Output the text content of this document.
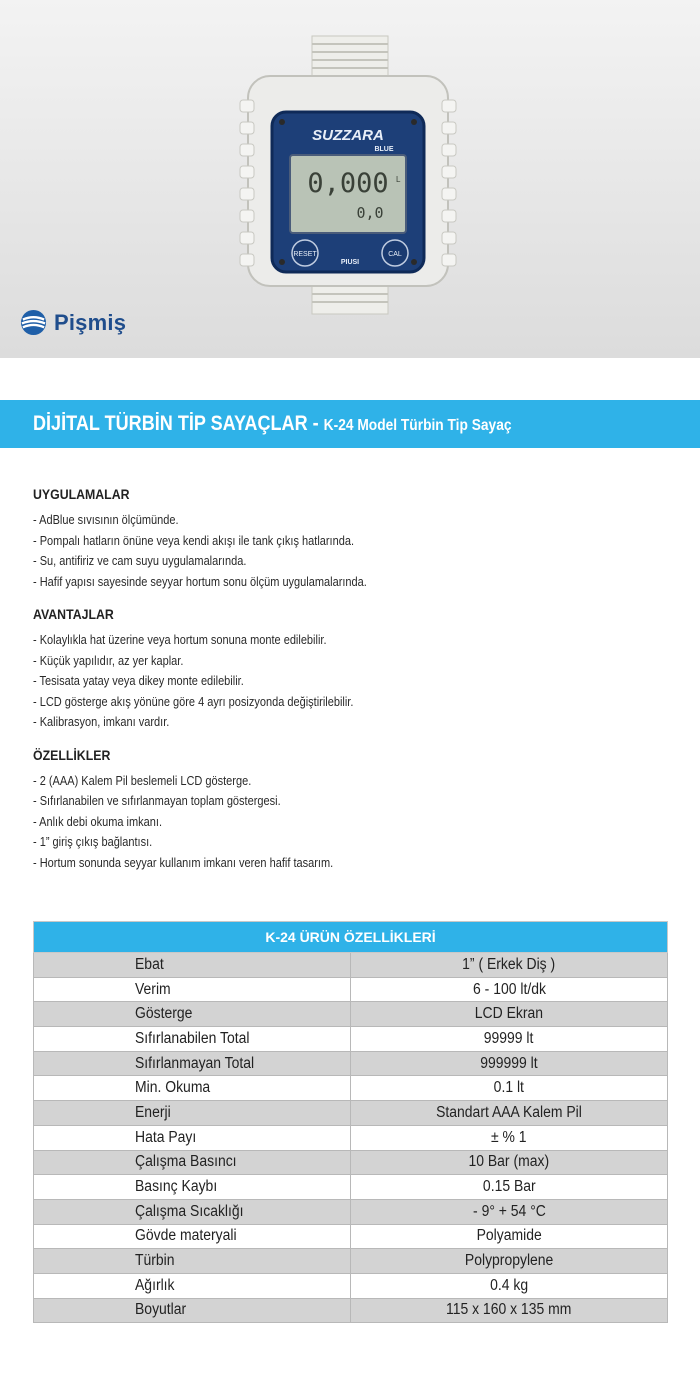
SUZZARA
BLUE
0,000 L
0,0
RESET	CAL
PIUSI
Pişmiş
DİJİTAL TÜRBİN TİP SAYAÇLAR - K-24 Model Türbin Tip Sayaç
UYGULAMALAR
- AdBlue sıvısının ölçümünde.
- Pompalı hatların önüne veya kendi akışı ile tank çıkış hatlarında.
- Su, antifiriz ve cam suyu uygulamalarında.
- Hafif yapısı sayesinde seyyar hortum sonu ölçüm uygulamalarında.
AVANTAJLAR
- Kolaylıkla hat üzerine veya hortum sonuna monte edilebilir.
- Küçük yapılıdır, az yer kaplar.
- Tesisata yatay veya dikey monte edilebilir.
- LCD gösterge akış yönüne göre 4 ayrı posizyonda değiştirilebilir.
- Kalibrasyon, imkanı vardır.
ÖZELLİKLER
- 2 (AAA) Kalem Pil beslemeli LCD gösterge.
- Sıfırlanabilen ve sıfırlanmayan toplam göstergesi.
- Anlık debi okuma imkanı.
- 1” giriş çıkış bağlantısı.
- Hortum sonunda seyyar kullanım imkanı veren hafif tasarım.
K-24 ÜRÜN ÖZELLİKLERİ	
Ebat	1” ( Erkek Diş )
Verim	6 - 100 lt/dk
Gösterge	LCD Ekran
Sıfırlanabilen Total	99999 lt
Sıfırlanmayan Total	999999 lt
Min. Okuma	0.1 lt
Enerji	Standart AAA Kalem Pil
Hata Payı	± % 1
Çalışma Basıncı	10 Bar (max)
Basınç Kaybı	0.15 Bar
Çalışma Sıcaklığı	- 9° + 54 °C
Gövde materyali	Polyamide
Türbin	Polypropylene
Ağırlık	0.4 kg
Boyutlar	115 x 160 x 135 mm
